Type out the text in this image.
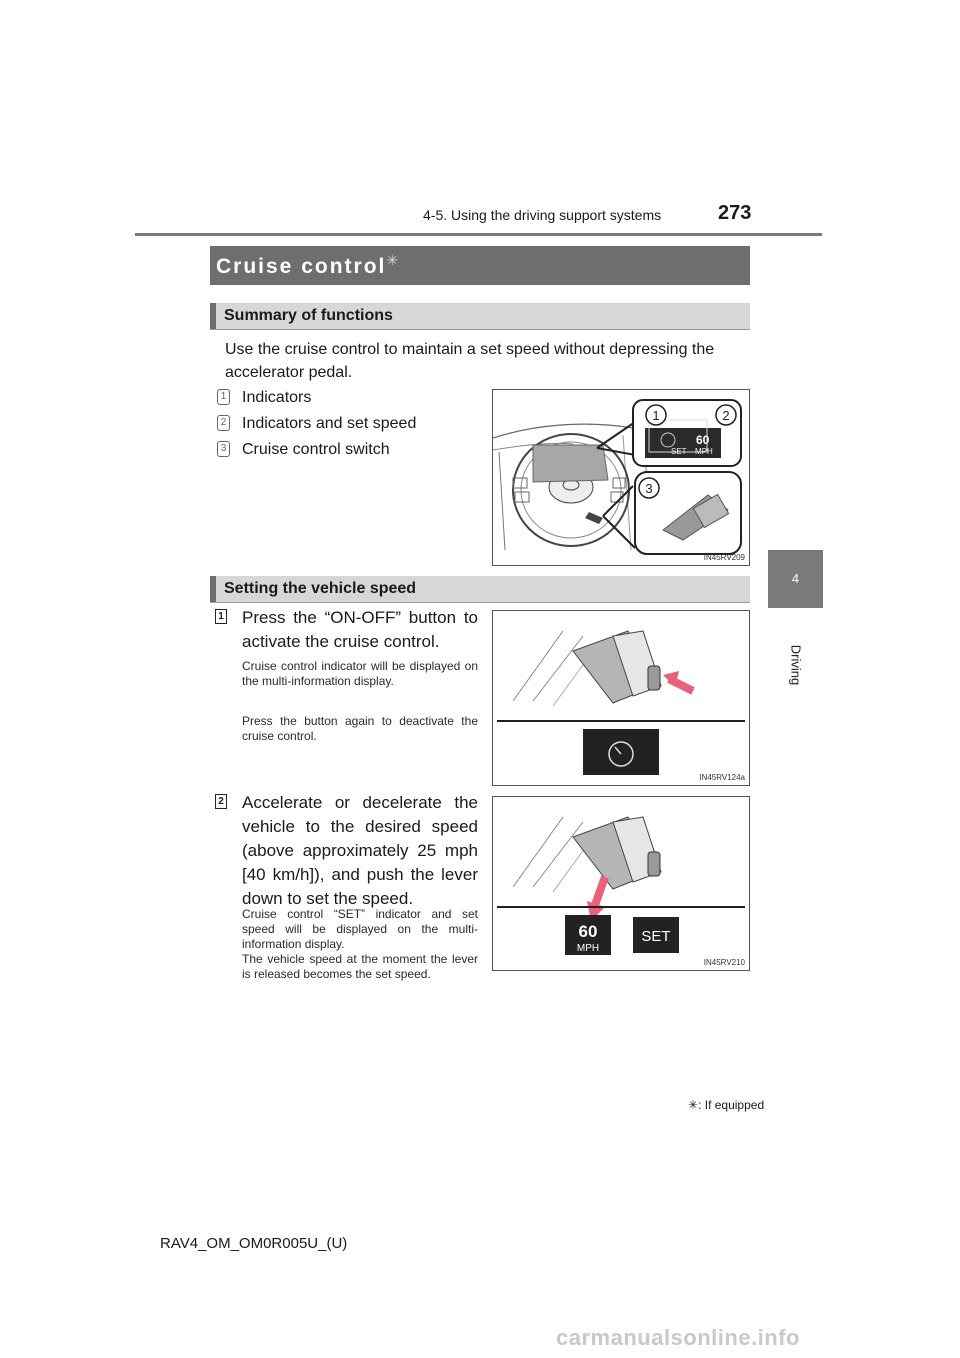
4-5. Using the driving support systems	273
4
Driving
Cruise control✳
Summary of functions
Use the cruise control to maintain a set speed without depressing the accelerator pedal.
1 Indicators
2 Indicators and set speed
3 Cruise control switch
60
SET MPH
1	2
3
IN45RV209
Setting the vehicle speed
1 Press the “ON-OFF” button to activate the cruise control.
Cruise control indicator will be displayed on the multi-information display.
Press the button again to deactivate the cruise control.
IN45RV124a
2 Accelerate or decelerate the vehicle to the desired speed (above approximately 25 mph [40 km/h]), and push the lever down to set the speed.
Cruise control “SET” indicator and set speed will be displayed on the multi-information display.
The vehicle speed at the moment the lever is released becomes the set speed.
60
MPH
SET
IN45RV210
✳: If equipped
RAV4_OM_OM0R005U_(U)
carmanualsonline.info
